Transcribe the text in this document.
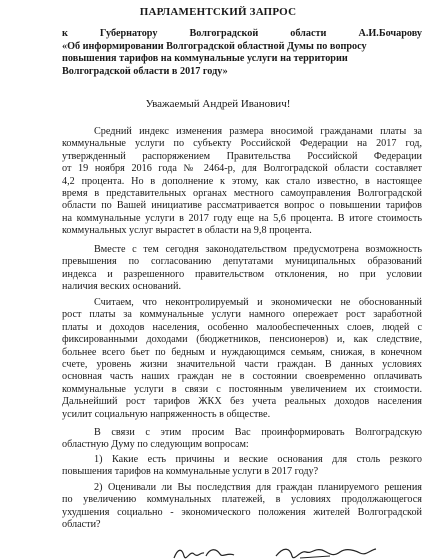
ПАРЛАМЕНТСКИЙ ЗАПРОС
к Губернатору Волгоградской области А.И.Бочарову
«Об информировании Волгоградской областной Думы по вопросу
повышения тарифов на коммунальные услуги на территории
Волгоградской области в 2017 году»
Уважаемый Андрей Иванович!
Средний индекс изменения размера вносимой гражданами платы за
коммунальные услуги по субъекту Российской Федерации на 2017 год,
утвержденный распоряжением Правительства Российской Федерации
от 19 ноября 2016 года № 2464-р, для Волгоградской области составляет
4,2 процента. Но в дополнение к этому, как стало известно, в настоящее
время в представительных органах местного самоуправления Волгоградской
области по Вашей инициативе рассматривается вопрос о повышении тарифов
на коммунальные услуги в 2017 году еще на 5,6 процента. В итоге стоимость
коммунальных услуг вырастет в области на 9,8 процента.
Вместе с тем сегодня законодательством предусмотрена возможность
превышения по согласованию депутатами муниципальных образований
индекса и разрешенного правительством отклонения, но при условии
наличия веских оснований.
Считаем, что неконтролируемый и экономически не обоснованный
рост платы за коммунальные услуги намного опережает рост заработной
платы и доходов населения, особенно малообеспеченных слоев, людей с
фиксированными доходами (бюджетников, пенсионеров) и, как следствие,
больнее всего бьет по бедным и нуждающимся семьям, снижая, в конечном
счете, уровень жизни значительной части граждан. В данных условиях
основная часть наших граждан не в состоянии своевременно оплачивать
коммунальные услуги в связи с постоянным увеличением их стоимости.
Дальнейший рост тарифов ЖКХ без учета реальных доходов населения
усилит социальную напряженность в обществе.
В связи с этим просим Вас проинформировать Волгоградскую
областную Думу по следующим вопросам:
1) Какие есть причины и веские основания для столь резкого
повышения тарифов на коммунальные услуги в 2017 году?
2) Оценивали ли Вы последствия для граждан планируемого решения
по увеличению коммунальных платежей, в условиях продолжающегося
ухудшения социально - экономического положения жителей Волгоградской
области?
